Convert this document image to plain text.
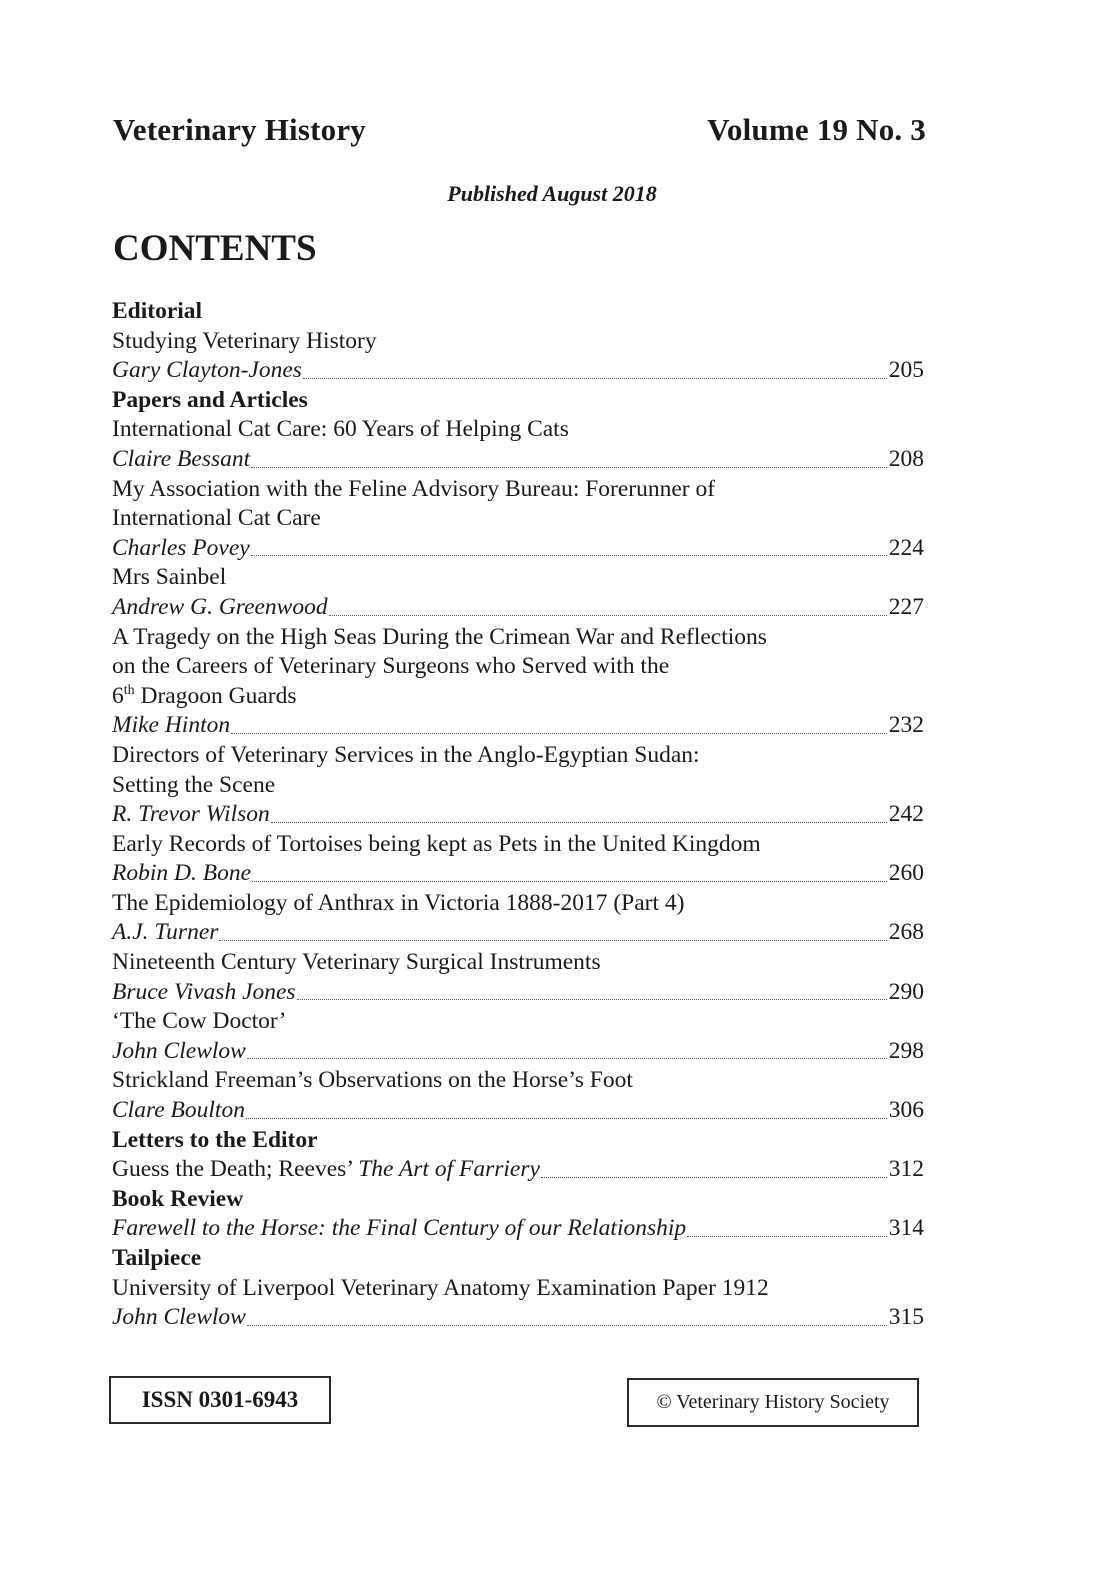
Veterinary History	Volume 19 No. 3
Published August 2018
CONTENTS
Editorial
Studying Veterinary History
Gary Clayton-Jones	205
Papers and Articles
International Cat Care: 60 Years of Helping Cats
Claire Bessant	208
My Association with the Feline Advisory Bureau: Forerunner of
International Cat Care
Charles Povey	224
Mrs Sainbel
Andrew G. Greenwood	227
A Tragedy on the High Seas During the Crimean War and Reflections
on the Careers of Veterinary Surgeons who Served with the
6th Dragoon Guards
Mike Hinton	232
Directors of Veterinary Services in the Anglo-Egyptian Sudan:
Setting the Scene
R. Trevor Wilson	242
Early Records of Tortoises being kept as Pets in the United Kingdom
Robin D. Bone	260
The Epidemiology of Anthrax in Victoria 1888-2017 (Part 4)
A.J. Turner	268
Nineteenth Century Veterinary Surgical Instruments
Bruce Vivash Jones	290
‘The Cow Doctor’
John Clewlow	298
Strickland Freeman’s Observations on the Horse’s Foot
Clare Boulton	306
Letters to the Editor
Guess the Death; Reeves’ The Art of Farriery	312
Book Review
Farewell to the Horse: the Final Century of our Relationship	314
Tailpiece
University of Liverpool Veterinary Anatomy Examination Paper 1912
John Clewlow	315
ISSN 0301-6943	© Veterinary History Society
